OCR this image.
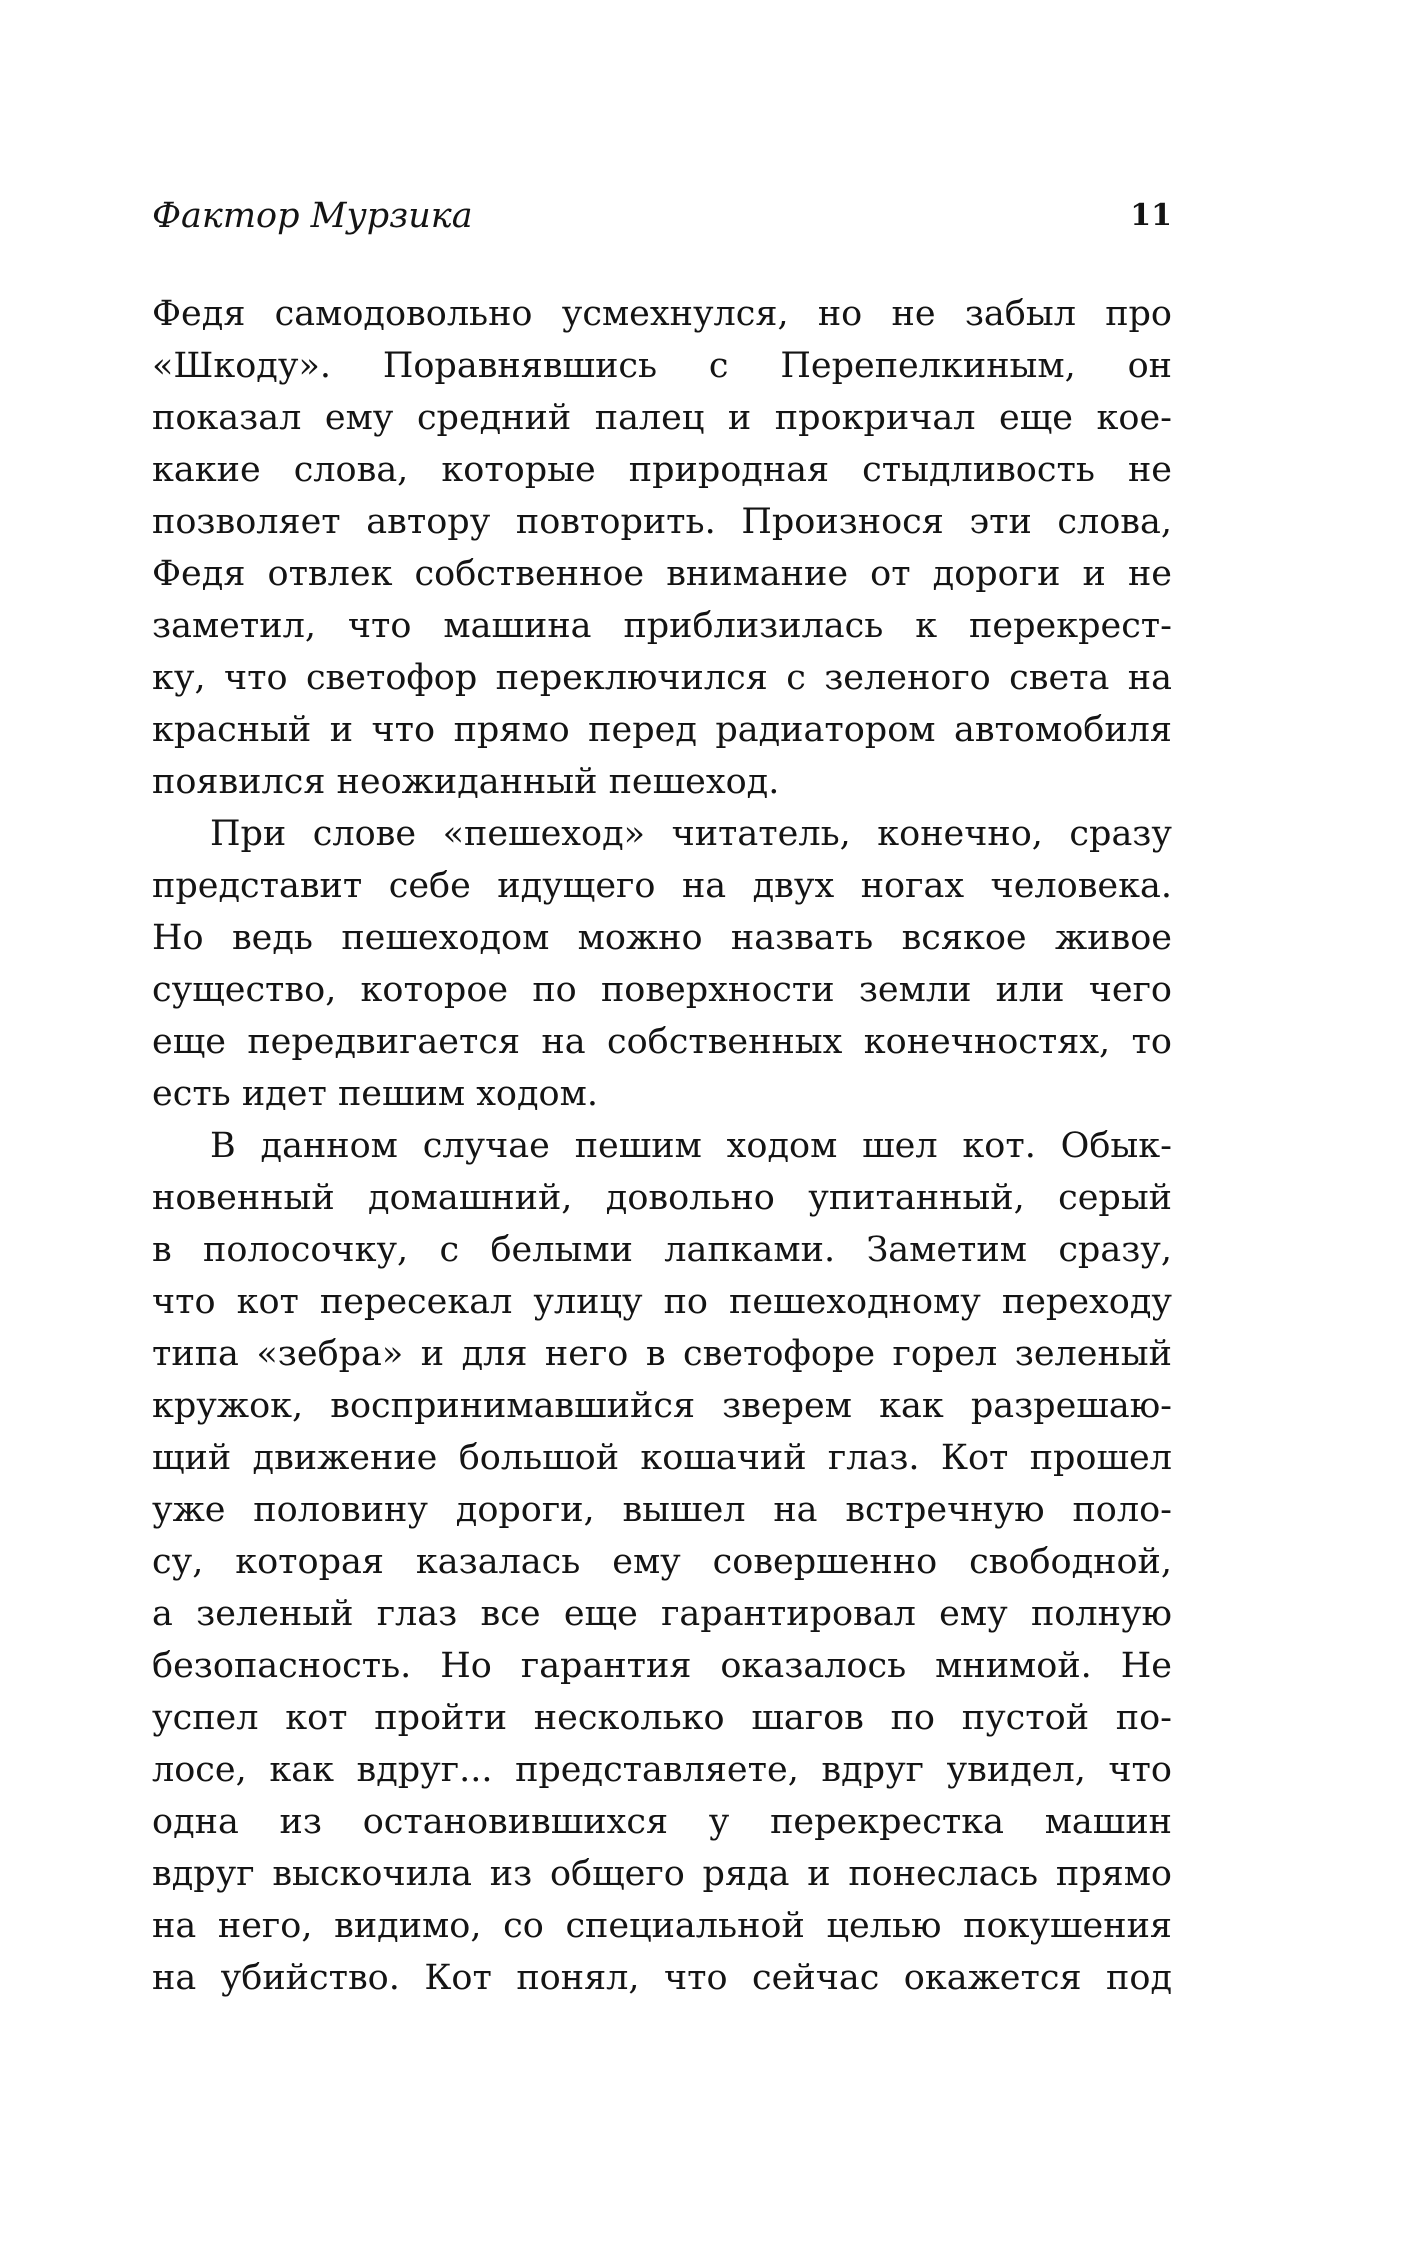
Фактор Мурзика	11
Федя самодовольно усмехнулся, но не забыл про
«Шкоду». Поравнявшись с Перепелкиным, он
показал ему средний палец и прокричал еще кое-
какие слова, которые природная стыдливость не
позволяет автору повторить. Произнося эти слова,
Федя отвлек собственное внимание от дороги и не
заметил, что машина приблизилась к перекрест-
ку, что светофор переключился с зеленого света на
красный и что прямо перед радиатором автомобиля
появился неожиданный пешеход.
При слове «пешеход» читатель, конечно, сразу
представит себе идущего на двух ногах человека.
Но ведь пешеходом можно назвать всякое живое
существо, которое по поверхности земли или чего
еще передвигается на собственных конечностях, то
есть идет пешим ходом.
В данном случае пешим ходом шел кот. Обык-
новенный домашний, довольно упитанный, серый
в полосочку, с белыми лапками. Заметим сразу,
что кот пересекал улицу по пешеходному переходу
типа «зебра» и для него в светофоре горел зеленый
кружок, воспринимавшийся зверем как разрешаю-
щий движение большой кошачий глаз. Кот прошел
уже половину дороги, вышел на встречную поло-
су, которая казалась ему совершенно свободной,
а зеленый глаз все еще гарантировал ему полную
безопасность. Но гарантия оказалось мнимой. Не
успел кот пройти несколько шагов по пустой по-
лосе, как вдруг... представляете, вдруг увидел, что
одна из остановившихся у перекрестка машин
вдруг выскочила из общего ряда и понеслась прямо
на него, видимо, со специальной целью покушения
на убийство. Кот понял, что сейчас окажется под
